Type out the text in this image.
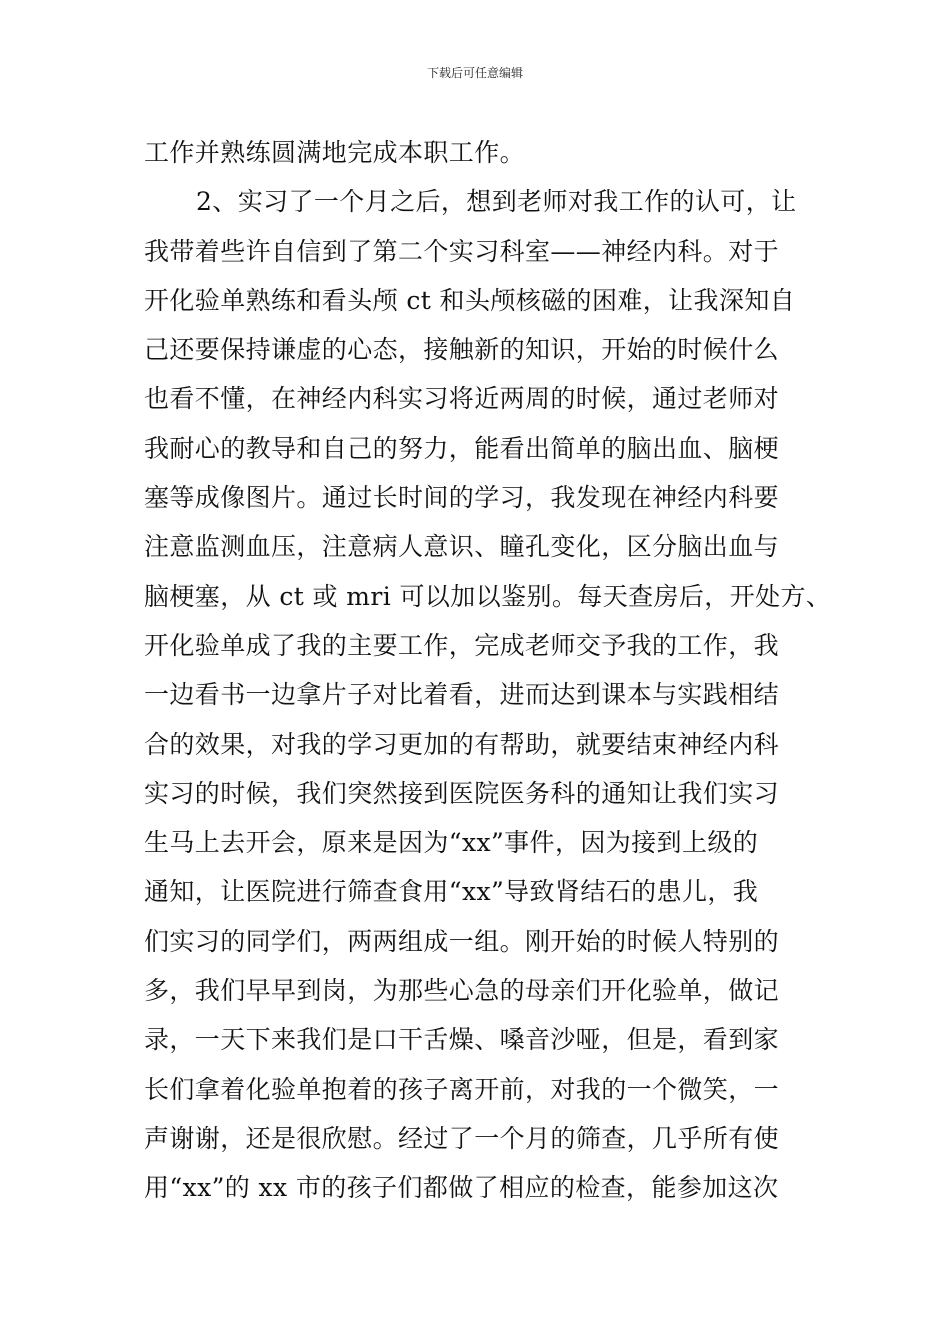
下载后可任意编辑
工作并熟练圆满地完成本职工作。
2、实习了一个月之后，想到老师对我工作的认可，让
我带着些许自信到了第二个实习科室——神经内科。对于
开化验单熟练和看头颅 ct 和头颅核磁的困难，让我深知自
己还要保持谦虚的心态，接触新的知识，开始的时候什么
也看不懂，在神经内科实习将近两周的时候，通过老师对
我耐心的教导和自己的努力，能看出简单的脑出血、脑梗
塞等成像图片。通过长时间的学习，我发现在神经内科要
注意监测血压，注意病人意识、瞳孔变化，区分脑出血与
脑梗塞，从 ct 或 mri 可以加以鉴别。每天查房后，开处方、
开化验单成了我的主要工作，完成老师交予我的工作，我
一边看书一边拿片子对比着看，进而达到课本与实践相结
合的效果，对我的学习更加的有帮助，就要结束神经内科
实习的时候，我们突然接到医院医务科的通知让我们实习
生马上去开会，原来是因为“xx”事件，因为接到上级的
通知，让医院进行筛查食用“xx”导致肾结石的患儿，我
们实习的同学们，两两组成一组。刚开始的时候人特别的
多，我们早早到岗，为那些心急的母亲们开化验单，做记
录，一天下来我们是口干舌燥、嗓音沙哑，但是，看到家
长们拿着化验单抱着的孩子离开前，对我的一个微笑，一
声谢谢，还是很欣慰。经过了一个月的筛查，几乎所有使
用“xx”的 xx 市的孩子们都做了相应的检查，能参加这次
